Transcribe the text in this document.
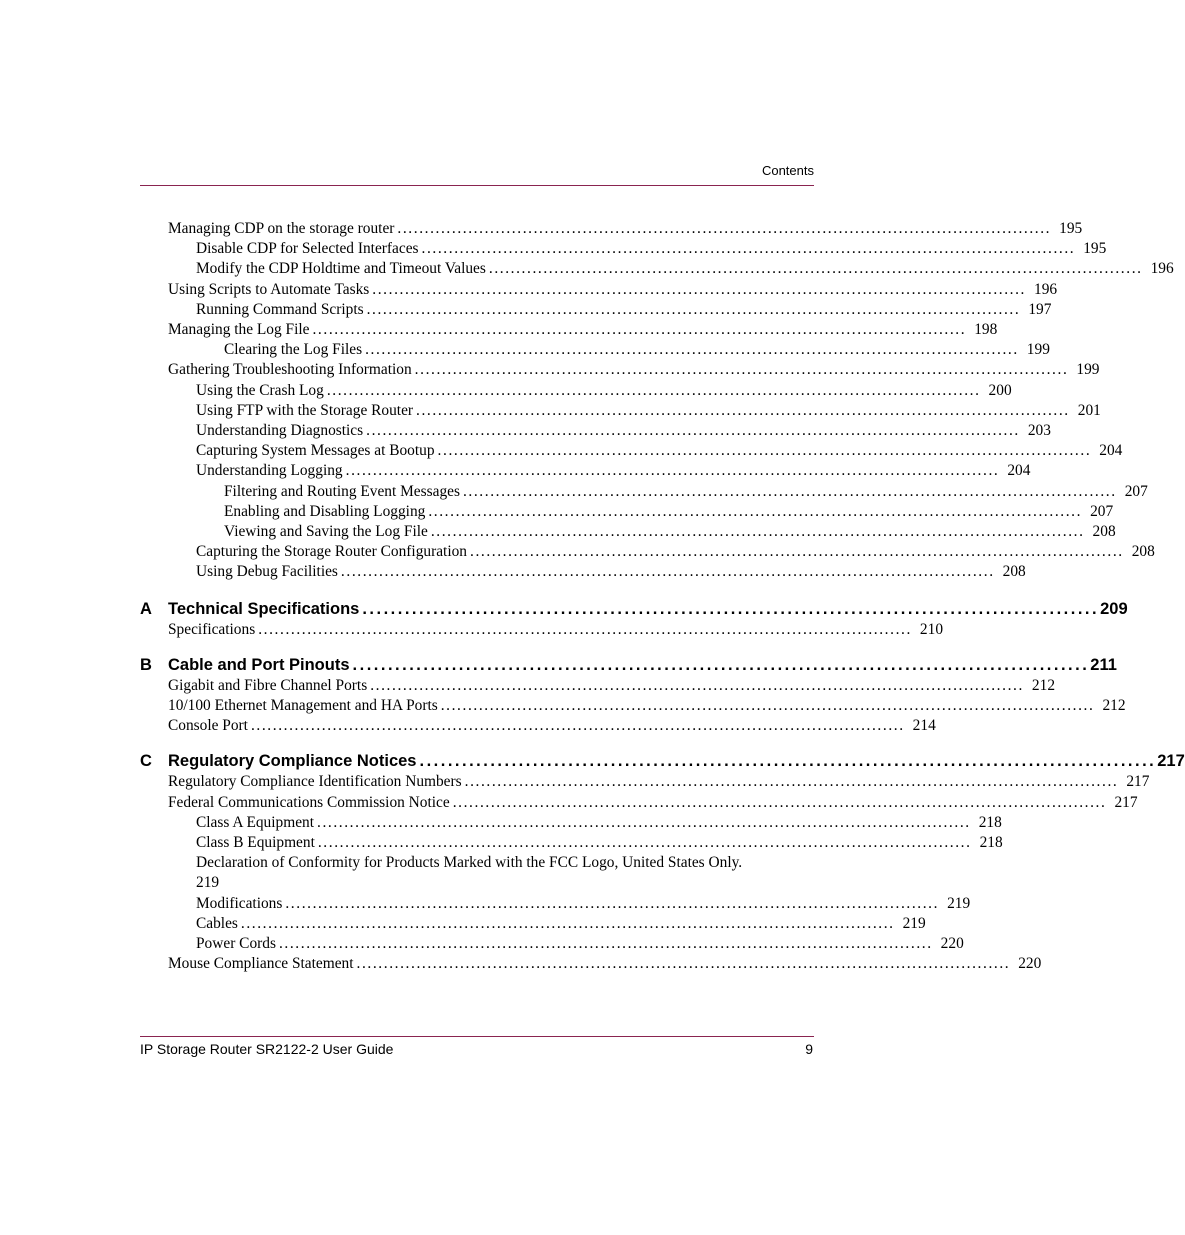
Contents
Managing CDP on the storage router ........................................................................................................................ 195
Disable CDP for Selected Interfaces ........................................................................................................................ 195
Modify the CDP Holdtime and Timeout Values ........................................................................................................................ 196
Using Scripts to Automate Tasks ........................................................................................................................ 196
Running Command Scripts ........................................................................................................................ 197
Managing the Log File ........................................................................................................................ 198
Clearing the Log Files ........................................................................................................................ 199
Gathering Troubleshooting Information ........................................................................................................................ 199
Using the Crash Log ........................................................................................................................ 200
Using FTP with the Storage Router ........................................................................................................................ 201
Understanding Diagnostics ........................................................................................................................ 203
Capturing System Messages at Bootup ........................................................................................................................ 204
Understanding Logging ........................................................................................................................ 204
Filtering and Routing Event Messages ........................................................................................................................ 207
Enabling and Disabling Logging ........................................................................................................................ 207
Viewing and Saving the Log File ........................................................................................................................ 208
Capturing the Storage Router Configuration ........................................................................................................................ 208
Using Debug Facilities ........................................................................................................................ 208
A Technical Specifications ........................................................................................................ 209
Specifications ........................................................................................................................ 210
B Cable and Port Pinouts ........................................................................................................ 211
Gigabit and Fibre Channel Ports ........................................................................................................................ 212
10/100 Ethernet Management and HA Ports ........................................................................................................................ 212
Console Port ........................................................................................................................ 214
C Regulatory Compliance Notices ........................................................................................................ 217
Regulatory Compliance Identification Numbers ........................................................................................................................ 217
Federal Communications Commission Notice ........................................................................................................................ 217
Class A Equipment ........................................................................................................................ 218
Class B Equipment ........................................................................................................................ 218
Declaration of Conformity for Products Marked with the FCC Logo, United States Only.
219
Modifications ........................................................................................................................ 219
Cables ........................................................................................................................ 219
Power Cords ........................................................................................................................ 220
Mouse Compliance Statement ........................................................................................................................ 220
IP Storage Router SR2122-2 User Guide	9
